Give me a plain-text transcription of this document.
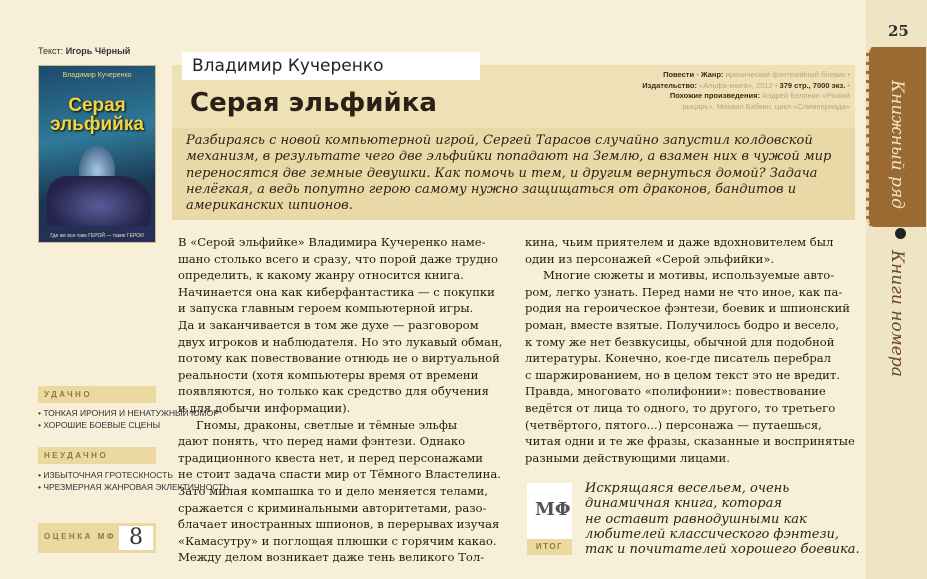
Текст: Игорь Чёрный
Владимир Кучеренко
Серая эльфийка
Где же все-таки ГЕРОЙ — такие ГЕРОИ
Владимир Кучеренко
Серая эльфийка
Повести • Жанр: иронический фэнтезийный боевик • Издательство: «Альфа-книга», 2012 • 379 стр., 7000 экз. • Похожие произведения: Андрей Белянин «Рыжий рыцарь», Михаил Бабкин, цикл «Слимпериада»
Разбираясь с новой компьютерной игрой, Сергей Тарасов случайно запустил колдовской механизм, в результате чего две эльфийки попадают на Землю, а взамен них в чужой мир переносятся две земные девушки. Как помочь и тем, и другим вернуться домой? Задача нелёгкая, а ведь попутно герою самому нужно защищаться от драконов, бандитов и американских шпионов.
В «Серой эльфийке» Владимира Кучеренко наме-
шано столько всего и сразу, что порой даже трудно
определить, к какому жанру относится книга.
Начинается она как киберфантастика — с покупки
и запуска главным героем компьютерной игры.
Да и заканчивается в том же духе — разговором
двух игроков и наблюдателя. Но это лукавый обман,
потому как повествование отнюдь не о виртуальной
реальности (хотя компьютеры время от времени
появляются, но только как средство для обучения
и для добычи информации).
Гномы, драконы, светлые и тёмные эльфы
дают понять, что перед нами фэнтези. Однако
традиционного квеста нет, и перед персонажами
не стоит задача спасти мир от Тёмного Властелина.
Зато милая компашка то и дело меняется телами,
сражается с криминальными авторитетами, разо-
блачает иностранных шпионов, в перерывах изучая
«Камасутру» и поглощая плюшки с горячим какао.
Между делом возникает даже тень великого Тол-
кина, чьим приятелем и даже вдохновителем был
один из персонажей «Серой эльфийки».
Многие сюжеты и мотивы, используемые авто-
ром, легко узнать. Перед нами не что иное, как па-
родия на героическое фэнтези, боевик и шпионский
роман, вместе взятые. Получилось бодро и весело,
к тому же нет безвкусицы, обычной для подобной
литературы. Конечно, кое-где писатель перебрал
с шаржированием, но в целом текст это не вредит.
Правда, многовато «полифонии»: повествование
ведётся от лица то одного, то другого, то третьего
(четвёртого, пятого...) персонажа — путаешься,
читая одни и те же фразы, сказанные и воспринятые
разными действующими лицами.
УДАЧНО
• ТОНКАЯ ИРОНИЯ И НЕНАТУЖНЫЙ ЮМОР
• ХОРОШИЕ БОЕВЫЕ СЦЕНЫ
НЕУДАЧНО
• ИЗБЫТОЧНАЯ ГРОТЕСКНОСТЬ
• ЧРЕЗМЕРНАЯ ЖАНРОВАЯ ЭКЛЕКТИЧНОСТЬ
ОЦЕНКА МФ 8
MΦ
ИТОГ
Искрящаяся весельем, очень
динамичная книга, которая
не оставит равнодушными как
любителей классического фэнтези,
так и почитателей хорошего боевика.
25
Книжный ряд
Книги номера
